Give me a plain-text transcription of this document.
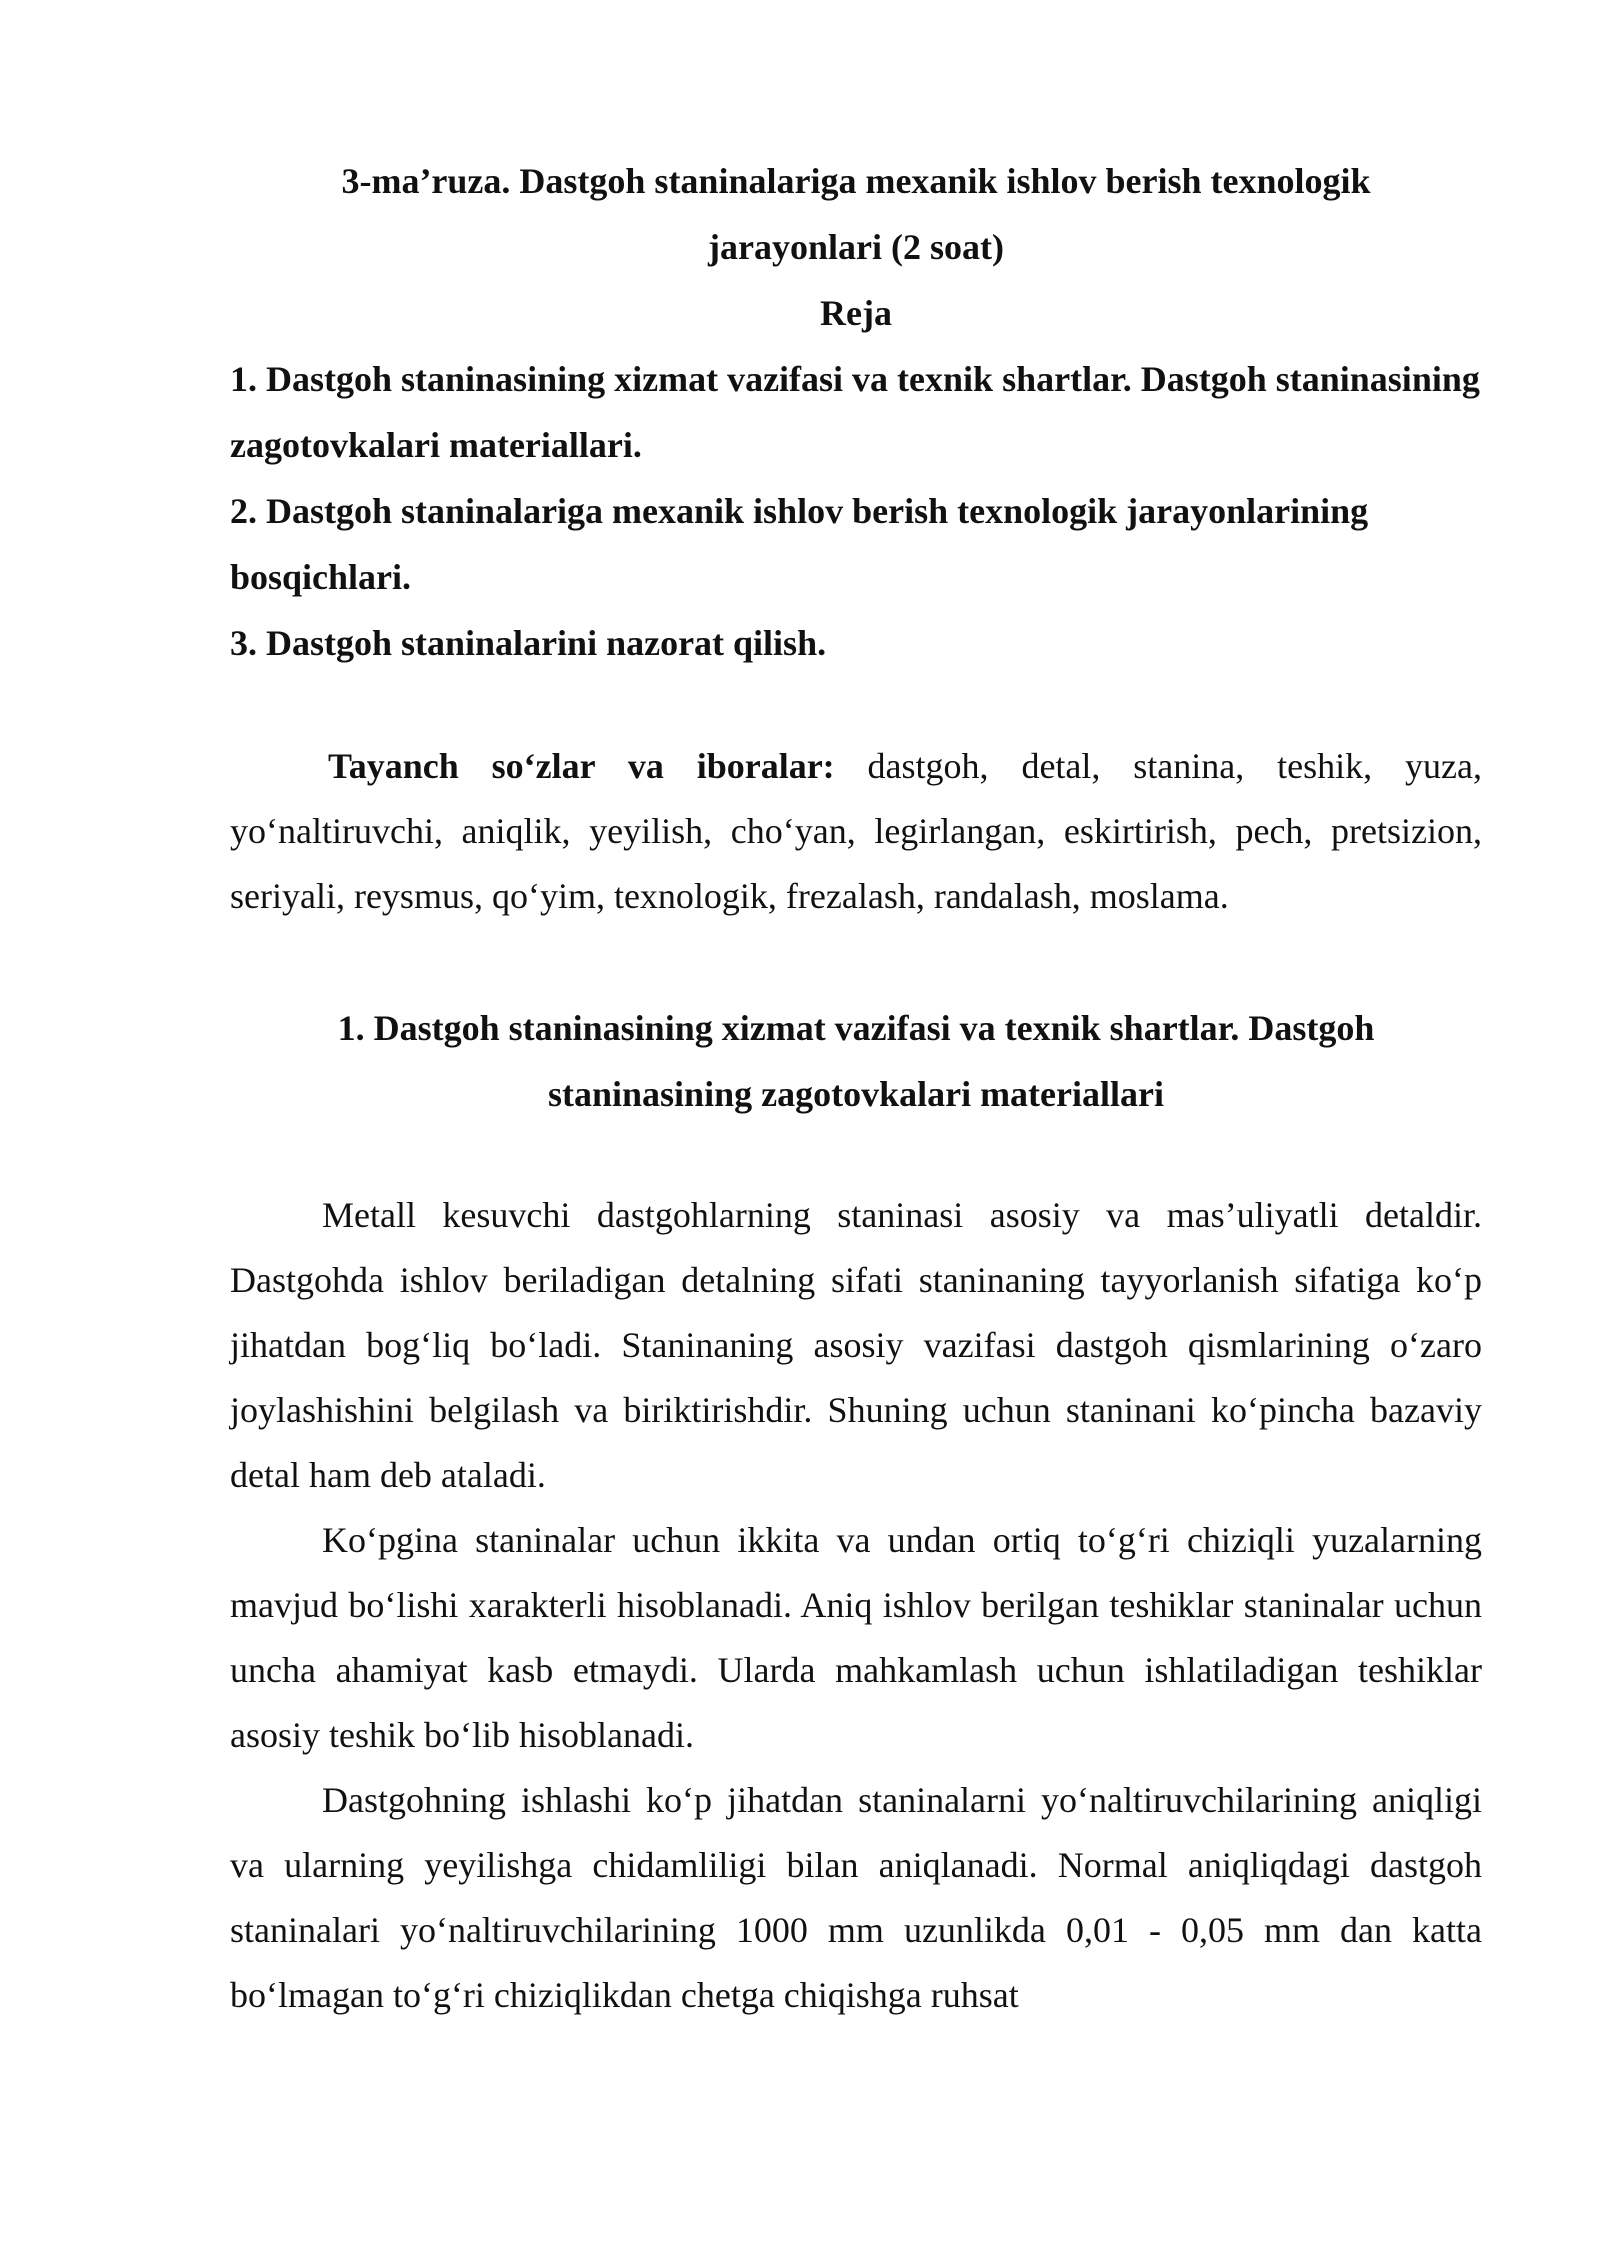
3-ma’ruza. Dastgoh staninalariga mexanik ishlov berish texnologik

jarayonlari (2 soat)

Reja

1. Dastgoh staninasining xizmat vazifasi va texnik shartlar. Dastgoh staninasining zagotovkalari materiallari.

2. Dastgoh staninalariga mexanik ishlov berish texnologik jarayonlarining bosqichlari.

3. Dastgoh staninalarini nazorat qilish.

Tayanch so‘zlar va iboralar: dastgoh, detal, stanina, teshik, yuza, yo‘naltiruvchi, aniqlik, yeyilish, cho‘yan, legirlangan, eskirtirish, pech, pretsizion, seriyali, reysmus, qo‘yim, texnologik, frezalash, randalash, moslama.

1. Dastgoh staninasining xizmat vazifasi va texnik shartlar. Dastgoh
staninasining zagotovkalari materiallari

Metall kesuvchi dastgohlarning staninasi asosiy va mas’uliyatli detaldir. Dastgohda ishlov beriladigan detalning sifati staninaning tayyorlanish sifatiga ko‘p jihatdan bog‘liq bo‘ladi. Staninaning asosiy vazifasi dastgoh qismlarining o‘zaro joylashishini belgilash va biriktirishdir. Shuning uchun staninani ko‘pincha bazaviy detal ham deb ataladi.

Ko‘pgina staninalar uchun ikkita va undan ortiq to‘g‘ri chiziqli yuzalarning mavjud bo‘lishi xarakterli hisoblanadi. Aniq ishlov berilgan teshiklar staninalar uchun uncha ahamiyat kasb etmaydi. Ularda mahkamlash uchun ishlatiladigan teshiklar asosiy teshik bo‘lib hisoblanadi.

Dastgohning ishlashi ko‘p jihatdan staninalarni yo‘naltiruvchilarining aniqligi va ularning yeyilishga chidamliligi bilan aniqlanadi. Normal aniqliqdagi dastgoh staninalari yo‘naltiruvchilarining 1000 mm uzunlikda 0,01 - 0,05 mm dan katta bo‘lmagan to‘g‘ri chiziqlikdan chetga chiqishga ruhsat
